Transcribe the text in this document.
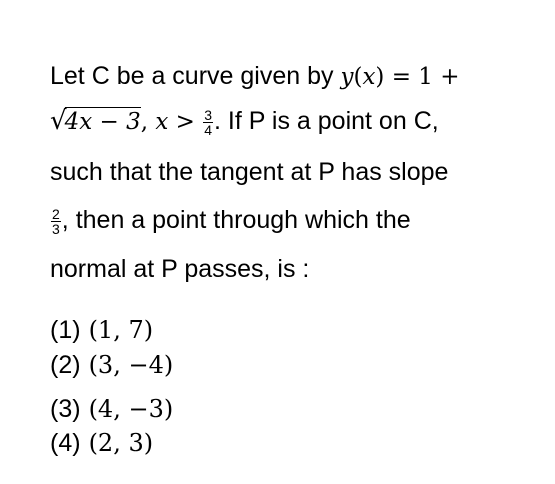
Let C be a curve given by y(x) = 1 +
√4x − 3, $x > \frac{3}{4}$ . If P is a point on C,
such that the tangent at P has slope
$\frac{2}{3}$ , then a point through which the
normal at P passes, is :
(1) (1, 7)
(2) (3, −4)
(3) (4, −3)
(4) (2, 3)
